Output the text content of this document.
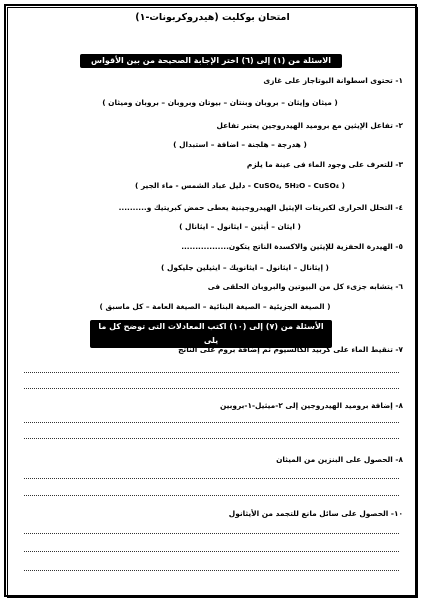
امتحان بوكليت (هيدروكربونات-١)
الاسئلة من (١) إلى (٦) اختر الإجابة الصحيحة من بين الأقواس
١- تحتوى اسطوانة البوتاجاز على غازى
( ميثان وإيثان – بروبان وبنتان – بيوتان وبروبان – بروبان وميثان )
٢- تفاعل الإيثين مع بروميد الهيدروجين يعتبر تفاعل
( هدرجة – هلجنة – اضافة – استبدال )
٣- للتعرف على وجود الماء فى عينة ما يلزم
( CuSO₄, 5H₂O - CuSO₄ - دليل عباد الشمس - ماء الجير )
٤- التحلل الحرارى لكبريتات الإيثيل الهيدروجينية يعطى حمض كبريتيك و..........
( ايثان – أيثين – ايثانول – ايثانال )
٥- الهيدرة الحفزية للإيثين والاكسدة الناتج يتكون.................
( إيثانال – ايثانول – ايثانويك – ايثيلين جليكول )
٦- يتشابه جزىء كل من البيوتين والبروبان الحلقى فى
( الصيغة الجزيئية – الصيغة البنائية – الصيغة العامة – كل ماسبق )
الأسئلة من (٧) إلى (١٠) اكتب المعادلات التى توضح كل ما يلى
٧- تنقيط الماء على كربيد الكالسيوم ثم إضافة بروم على الناتج
٨- إضافة بروميد الهيدروجين إلى ٢-ميثيل-١-بروبين
٨- الحصول على البنزين من الميثان
١٠- الحصول على سائل مانع للتجمد من الأيثانول
